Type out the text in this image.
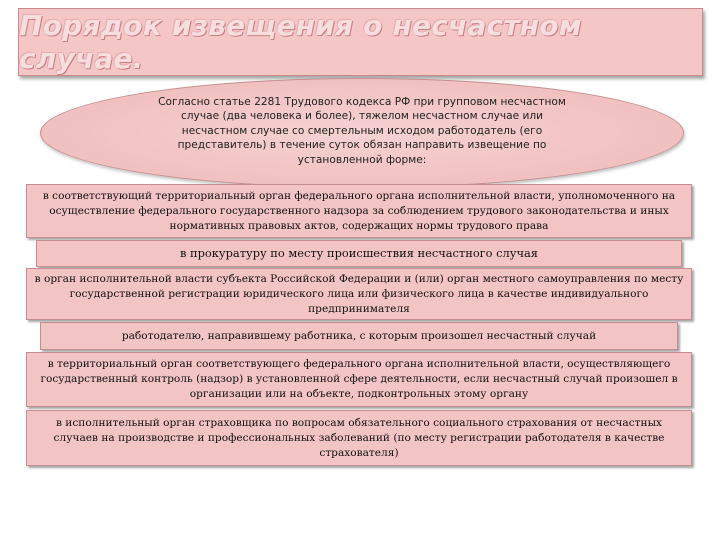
Порядок извещения о несчастном случае.
Согласно статье 2281 Трудового кодекса РФ при групповом несчастном случае (два человека и более), тяжелом несчастном случае или несчастном случае со смертельным исходом работодатель (его представитель) в течение суток обязан направить извещение по установленной форме:
в соответствующий территориальный орган федерального органа исполнительной власти, уполномоченного на осуществление федерального государственного надзора за соблюдением трудового законодательства и иных нормативных правовых актов, содержащих нормы трудового права
в прокуратуру по месту происшествия несчастного случая
в орган исполнительной власти субъекта Российской Федерации и (или) орган местного самоуправления по месту государственной регистрации юридического лица или физического лица в качестве индивидуального предпринимателя
работодателю, направившему работника, с которым произошел несчастный случай
в территориальный орган соответствующего федерального органа исполнительной власти, осуществляющего государственный контроль (надзор) в установленной сфере деятельности, если несчастный случай произошел в организации или на объекте, подконтрольных этому органу
в исполнительный орган страховщика по вопросам обязательного социального страхования от несчастных случаев на производстве и профессиональных заболеваний (по месту регистрации работодателя в качестве страхователя)
